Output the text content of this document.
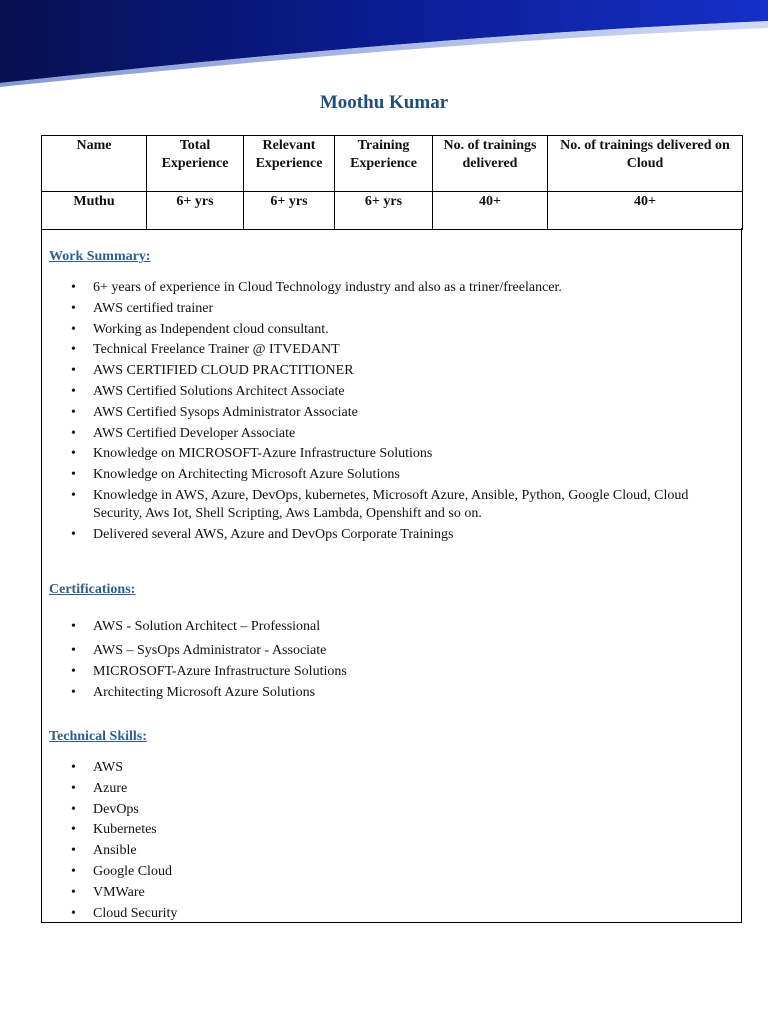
Moothu Kumar
Name	Total Experience	Relevant Experience	Training Experience	No. of trainings delivered	No. of trainings delivered on Cloud
Muthu	6+ yrs	6+ yrs	6+ yrs	40+	40+
Work Summary:
• 6+ years of experience in Cloud Technology industry and also as a triner/freelancer.
• AWS certified trainer
• Working as Independent cloud consultant.
• Technical Freelance Trainer @ ITVEDANT
• AWS CERTIFIED CLOUD PRACTITIONER
• AWS Certified Solutions Architect Associate
• AWS Certified Sysops Administrator Associate
• AWS Certified Developer Associate
• Knowledge on MICROSOFT-Azure Infrastructure Solutions
• Knowledge on Architecting Microsoft Azure Solutions
• Knowledge in AWS, Azure, DevOps, kubernetes, Microsoft Azure, Ansible, Python, Google Cloud, Cloud Security, Aws Iot, Shell Scripting, Aws Lambda, Openshift and so on.
• Delivered several AWS, Azure and DevOps Corporate Trainings
Certifications:
• AWS - Solution Architect – Professional
• AWS – SysOps Administrator - Associate
• MICROSOFT-Azure Infrastructure Solutions
• Architecting Microsoft Azure Solutions
Technical Skills:
• AWS
• Azure
• DevOps
• Kubernetes
• Ansible
• Google Cloud
• VMWare
• Cloud Security
